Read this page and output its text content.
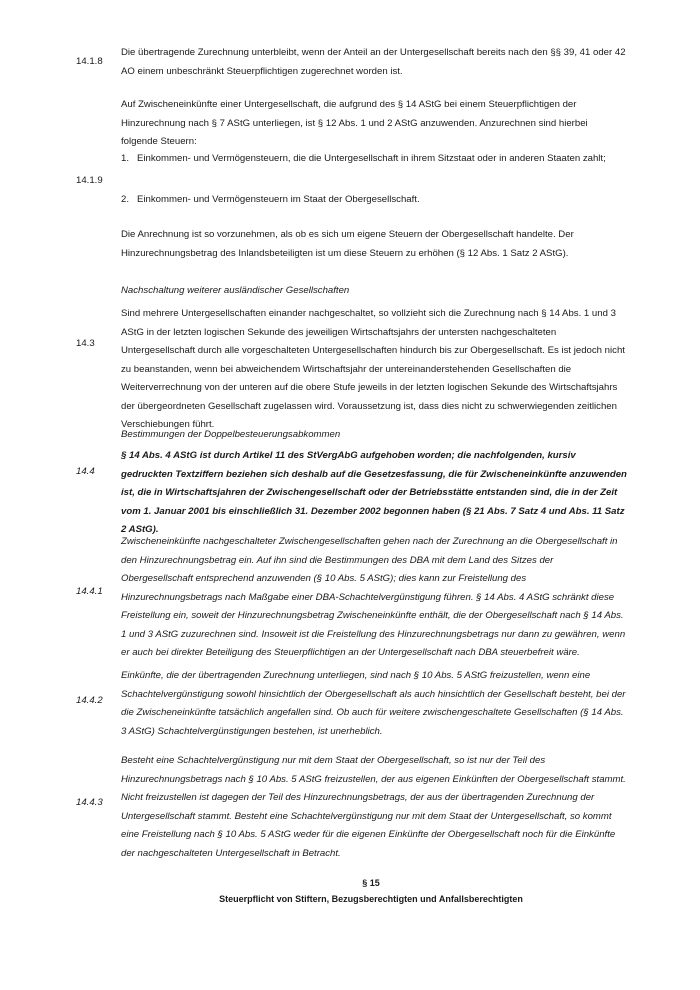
14.1.8

Die übertragende Zurechnung unterbleibt, wenn der Anteil an der Untergesellschaft bereits nach den §§ 39, 41 oder 42 AO einem unbeschränkt Steuerpflichtigen zugerechnet worden ist.

Auf Zwischeneinkünfte einer Untergesellschaft, die aufgrund des § 14 AStG bei einem Steuerpflichtigen der Hinzurechnung nach § 7 AStG unterliegen, ist § 12 Abs. 1 und 2 AStG anzuwenden. Anzurechnen sind hierbei folgende Steuern:

1. Einkommen- und Vermögensteuern, die die Untergesellschaft in ihrem Sitzstaat oder in anderen Staaten zahlt;
14.1.9
2. Einkommen- und Vermögensteuern im Staat der Obergesellschaft.

Die Anrechnung ist so vorzunehmen, als ob es sich um eigene Steuern der Obergesellschaft handelte. Der Hinzurechnungsbetrag des Inlandsbeteiligten ist um diese Steuern zu erhöhen (§ 12 Abs. 1 Satz 2 AStG).

Nachschaltung weiterer ausländischer Gesellschaften
14.3

Sind mehrere Untergesellschaften einander nachgeschaltet, so vollzieht sich die Zurechnung nach § 14 Abs. 1 und 3 AStG in der letzten logischen Sekunde des jeweiligen Wirtschaftsjahrs der untersten nachgeschalteten Untergesellschaft durch alle vorgeschalteten Untergesellschaften hindurch bis zur Obergesellschaft. Es ist jedoch nicht zu beanstanden, wenn bei abweichendem Wirtschaftsjahr der untereinanderstehenden Gesellschaften die Weiterverrechnung von der unteren auf die obere Stufe jeweils in der letzten logischen Sekunde des Wirtschaftsjahrs der übergeordneten Gesellschaft zugelassen wird. Voraussetzung ist, dass dies nicht zu schwerwiegenden zeitlichen Verschiebungen führt.

Bestimmungen der Doppelbesteuerungsabkommen
14.4

§ 14 Abs. 4 AStG ist durch Artikel 11 des StVergAbG aufgehoben worden; die nachfolgenden, kursiv gedruckten Textziffern beziehen sich deshalb auf die Gesetzesfassung, die für Zwischeneinkünfte anzuwenden ist, die in Wirtschaftsjahren der Zwischengesellschaft oder der Betriebsstätte entstanden sind, die in der Zeit vom 1. Januar 2001 bis einschließlich 31. Dezember 2002 begonnen haben (§ 21 Abs. 7 Satz 4 und Abs. 11 Satz 2 AStG).

14.4.1

Zwischeneinkünfte nachgeschalteter Zwischengesellschaften gehen nach der Zurechnung an die Obergesellschaft in den Hinzurechnungsbetrag ein. Auf ihn sind die Bestimmungen des DBA mit dem Land des Sitzes der Obergesellschaft entsprechend anzuwenden (§ 10 Abs. 5 AStG); dies kann zur Freistellung des Hinzurechnungsbetrags nach Maßgabe einer DBA-Schachtelvergünstigung führen. § 14 Abs. 4 AStG schränkt diese Freistellung ein, soweit der Hinzurechnungsbetrag Zwischeneinkünfte enthält, die der Obergesellschaft nach § 14 Abs. 1 und 3 AStG zuzurechnen sind. Insoweit ist die Freistellung des Hinzurechnungsbetrags nur dann zu gewähren, wenn er auch bei direkter Beteiligung des Steuerpflichtigen an der Untergesellschaft nach DBA steuerbefreit wäre.

14.4.2

Einkünfte, die der übertragenden Zurechnung unterliegen, sind nach § 10 Abs. 5 AStG freizustellen, wenn eine Schachtelvergünstigung sowohl hinsichtlich der Obergesellschaft als auch hinsichtlich der Gesellschaft besteht, bei der die Zwischeneinkünfte tatsächlich angefallen sind. Ob auch für weitere zwischengeschaltete Gesellschaften (§ 14 Abs. 3 AStG) Schachtelvergünstigungen bestehen, ist unerheblich.

14.4.3

Besteht eine Schachtelvergünstigung nur mit dem Staat der Obergesellschaft, so ist nur der Teil des Hinzurechnungsbetrags nach § 10 Abs. 5 AStG freizustellen, der aus eigenen Einkünften der Obergesellschaft stammt. Nicht freizustellen ist dagegen der Teil des Hinzurechnungsbetrags, der aus der übertragenden Zurechnung der Untergesellschaft stammt. Besteht eine Schachtelvergünstigung nur mit dem Staat der Untergesellschaft, so kommt eine Freistellung nach § 10 Abs. 5 AStG weder für die eigenen Einkünfte der Obergesellschaft noch für die Einkünfte der nachgeschalteten Untergesellschaft in Betracht.

§ 15
Steuerpflicht von Stiftern, Bezugsberechtigten und Anfallsberechtigten
